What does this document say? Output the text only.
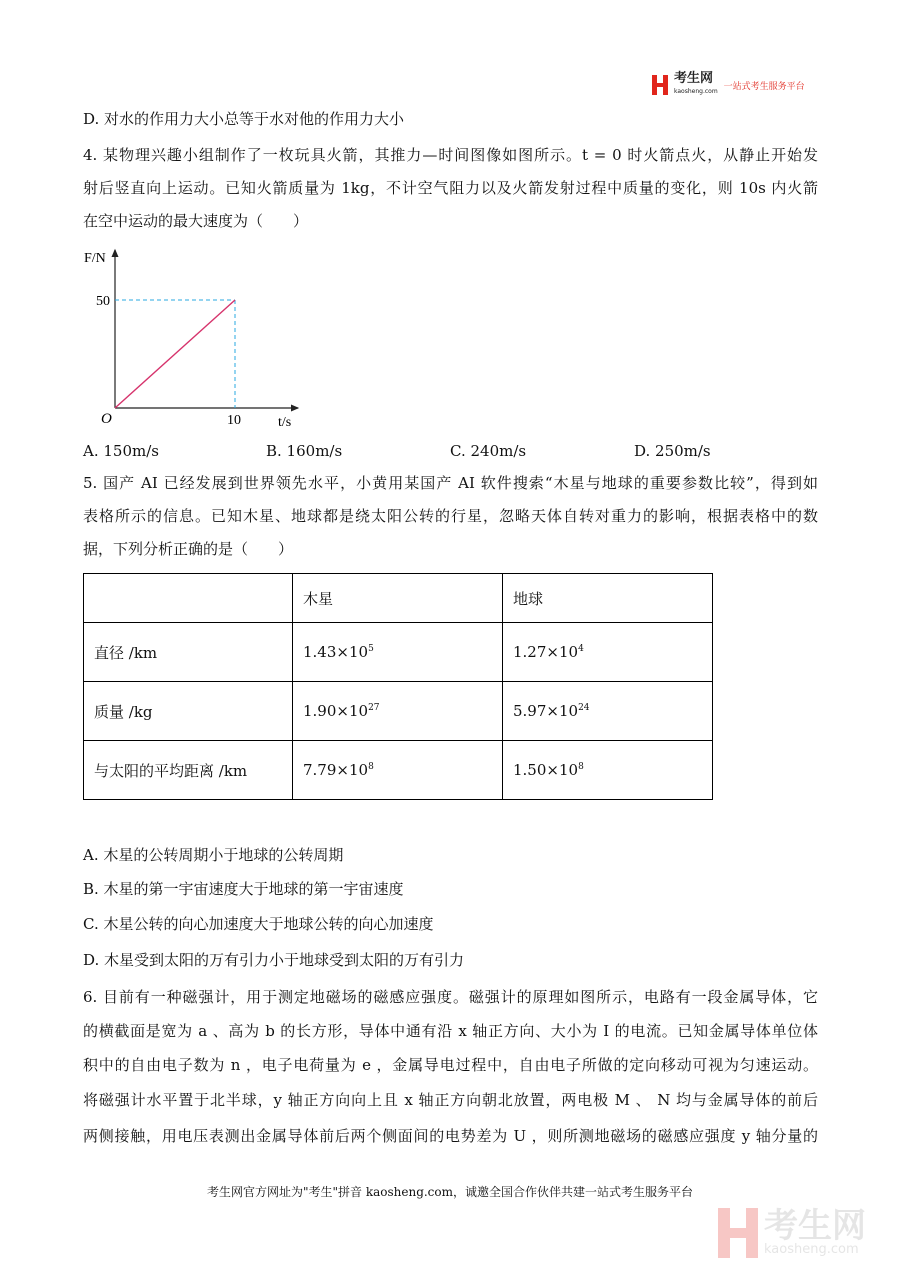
考生网
kaosheng.com 一站式考生服务平台
D. 对水的作用力大小总等于水对他的作用力大小
4. 某物理兴趣小组制作了一枚玩具火箭，其推力—时间图像如图所示。t = 0 时火箭点火，从静止开始发
射后竖直向上运动。已知火箭质量为 1kg，不计空气阻力以及火箭发射过程中质量的变化，则 10s 内火箭
在空中运动的最大速度为（　　）
F/N
50
10
O	t/s
A. 150m/s	B. 160m/s	C. 240m/s	D. 250m/s
5. 国产 AI 已经发展到世界领先水平，小黄用某国产 AI 软件搜索“木星与地球的重要参数比较”，得到如
表格所示的信息。已知木星、地球都是绕太阳公转的行星，忽略天体自转对重力的影响，根据表格中的数
据，下列分析正确的是（　　）
	木星	地球
直径 /km	$1.43\times 10^5$	$1.27\times 10^4$
质量 /kg	$1.90\times 10^{27}$	$5.97\times 10^{24}$
与太阳的平均距离 /km	$7.79\times 10^8$	$1.50\times 10^8$
A. 木星的公转周期小于地球的公转周期
B. 木星的第一宇宙速度大于地球的第一宇宙速度
C. 木星公转的向心加速度大于地球公转的向心加速度
D. 木星受到太阳的万有引力小于地球受到太阳的万有引力
6. 目前有一种磁强计，用于测定地磁场的磁感应强度。磁强计的原理如图所示，电路有一段金属导体，它
的横截面是宽为 a 、高为 b 的长方形，导体中通有沿 x 轴正方向、大小为 I 的电流。已知金属导体单位体
积中的自由电子数为 n ，电子电荷量为 e ，金属导电过程中，自由电子所做的定向移动可视为匀速运动。
将磁强计水平置于北半球，y 轴正方向向上且 x 轴正方向朝北放置，两电极 M 、 N 均与金属导体的前后
两侧接触，用电压表测出金属导体前后两个侧面间的电势差为 U ，则所测地磁场的磁感应强度 y 轴分量的
考生网官方网址为"考生"拼音 kaosheng.com，诚邀全国合作伙伴共建一站式考生服务平台
考生网
kaosheng.com
